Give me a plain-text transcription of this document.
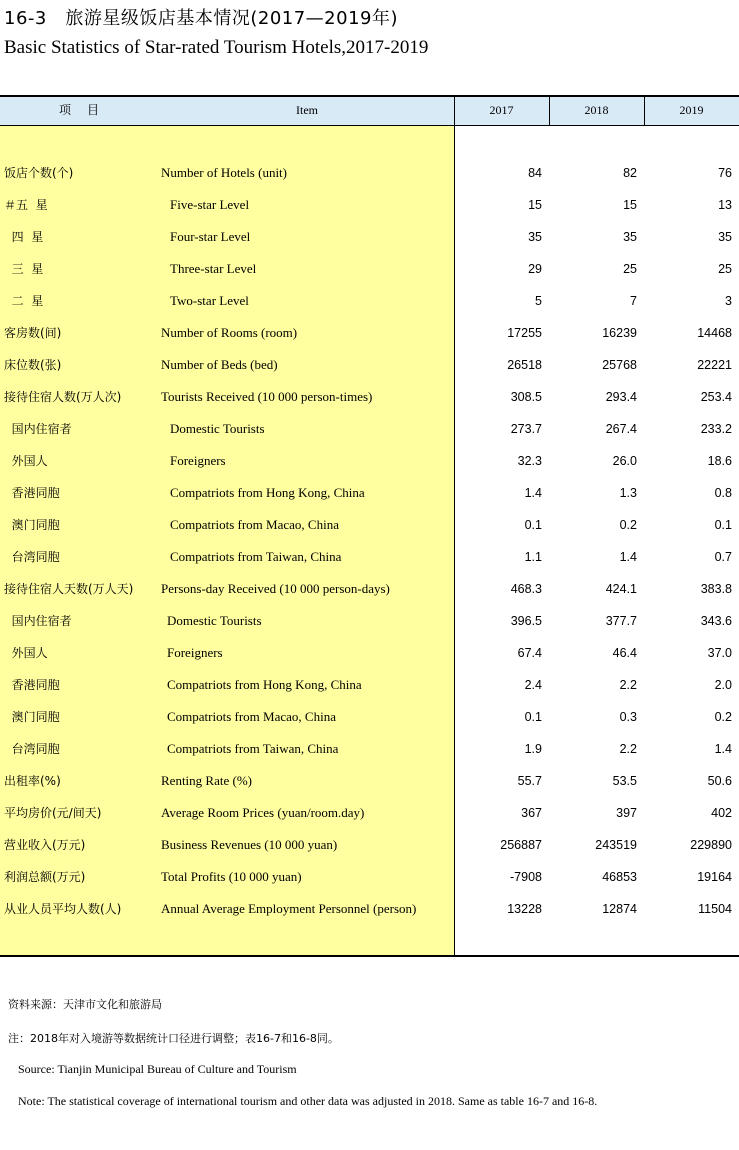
16-3　旅游星级饭店基本情况(2017—2019年)
Basic Statistics of Star-rated Tourism Hotels,2017-2019
项　目	Item	2017	2018	2019
饭店个数(个)	Number of Hotels (unit)	84	82	76
＃五  星	Five-star Level	15	15	13
四  星	Four-star Level	35	35	35
三  星	Three-star Level	29	25	25
二  星	Two-star Level	5	7	3
客房数(间)	Number of Rooms (room)	17255	16239	14468
床位数(张)	Number of Beds (bed)	26518	25768	22221
接待住宿人数(万人次)	Tourists Received (10 000 person-times)	308.5	293.4	253.4
国内住宿者	Domestic Tourists	273.7	267.4	233.2
外国人	Foreigners	32.3	26.0	18.6
香港同胞	Compatriots from Hong Kong, China	1.4	1.3	0.8
澳门同胞	Compatriots from Macao, China	0.1	0.2	0.1
台湾同胞	Compatriots from Taiwan, China	1.1	1.4	0.7
接待住宿人天数(万人天) Persons-day Received (10 000 person-days)	468.3	424.1	383.8
国内住宿者	Domestic Tourists	396.5	377.7	343.6
外国人	Foreigners	67.4	46.4	37.0
香港同胞	Compatriots from Hong Kong, China	2.4	2.2	2.0
澳门同胞	Compatriots from Macao, China	0.1	0.3	0.2
台湾同胞	Compatriots from Taiwan, China	1.9	2.2	1.4
出租率(%)	Renting Rate (%)	55.7	53.5	50.6
平均房价(元/间天)	Average Room Prices (yuan/room.day)	367	397	402
营业收入(万元)	Business Revenues (10 000 yuan)	256887	243519	229890
利润总额(万元)	Total Profits (10 000 yuan)	-7908	46853	19164
从业人员平均人数(人)	Annual Average Employment Personnel (person)	13228	12874	11504
资料来源：天津市文化和旅游局
注：2018年对入境游等数据统计口径进行调整；表16-7和16-8同。
Source: Tianjin Municipal Bureau of Culture and Tourism
Note: The statistical coverage of international tourism and other data was adjusted in 2018. Same as table 16-7 and 16-8.
